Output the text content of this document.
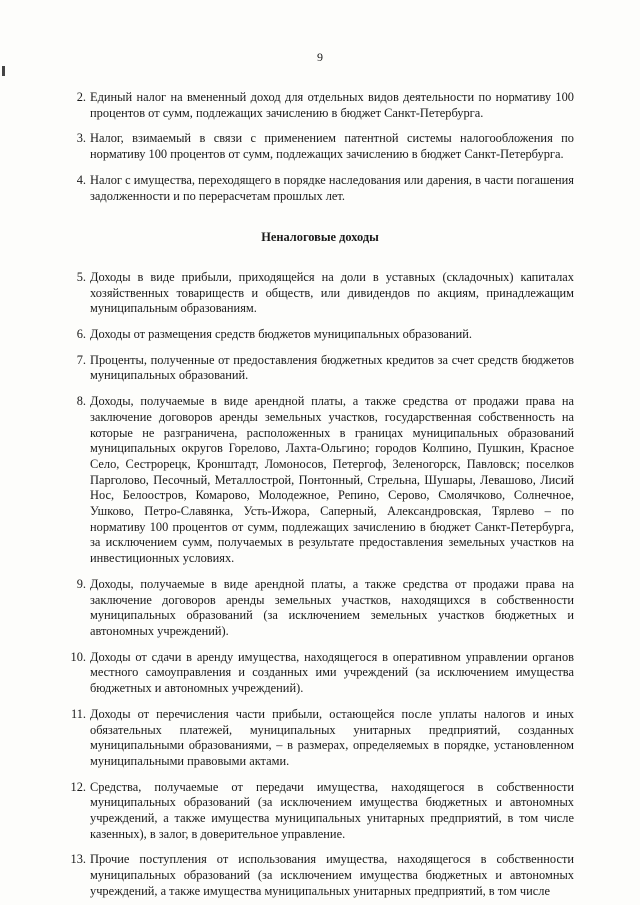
9
2. Единый налог на вмененный доход для отдельных видов деятельности по нормативу 100 процентов от сумм, подлежащих зачислению в бюджет Санкт-Петербурга.
3. Налог, взимаемый в связи с применением патентной системы налогообложения по нормативу 100 процентов от сумм, подлежащих зачислению в бюджет Санкт-Петербурга.
4. Налог с имущества, переходящего в порядке наследования или дарения, в части погашения задолженности и по перерасчетам прошлых лет.
Неналоговые доходы
5. Доходы в виде прибыли, приходящейся на доли в уставных (складочных) капиталах хозяйственных товариществ и обществ, или дивидендов по акциям, принадлежащим муниципальным образованиям.
6. Доходы от размещения средств бюджетов муниципальных образований.
7. Проценты, полученные от предоставления бюджетных кредитов за счет средств бюджетов муниципальных образований.
8. Доходы, получаемые в виде арендной платы, а также средства от продажи права на заключение договоров аренды земельных участков, государственная собственность на которые не разграничена, расположенных в границах муниципальных образований муниципальных округов Горелово, Лахта-Ольгино; городов Колпино, Пушкин, Красное Село, Сестрорецк, Кронштадт, Ломоносов, Петергоф, Зеленогорск, Павловск; поселков Парголово, Песочный, Металлострой, Понтонный, Стрельна, Шушары, Левашово, Лисий Нос, Белоостров, Комарово, Молодежное, Репино, Серово, Смолячково, Солнечное, Ушково, Петро-Славянка, Усть-Ижора, Саперный, Александровская, Тярлево – по нормативу 100 процентов от сумм, подлежащих зачислению в бюджет Санкт-Петербурга, за исключением сумм, получаемых в результате предоставления земельных участков на инвестиционных условиях.
9. Доходы, получаемые в виде арендной платы, а также средства от продажи права на заключение договоров аренды земельных участков, находящихся в собственности муниципальных образований (за исключением земельных участков бюджетных и автономных учреждений).
10. Доходы от сдачи в аренду имущества, находящегося в оперативном управлении органов местного самоуправления и созданных ими учреждений (за исключением имущества бюджетных и автономных учреждений).
11. Доходы от перечисления части прибыли, остающейся после уплаты налогов и иных обязательных платежей, муниципальных унитарных предприятий, созданных муниципальными образованиями, – в размерах, определяемых в порядке, установленном муниципальными правовыми актами.
12. Средства, получаемые от передачи имущества, находящегося в собственности муниципальных образований (за исключением имущества бюджетных и автономных учреждений, а также имущества муниципальных унитарных предприятий, в том числе казенных), в залог, в доверительное управление.
13. Прочие поступления от использования имущества, находящегося в собственности муниципальных образований (за исключением имущества бюджетных и автономных учреждений, а также имущества муниципальных унитарных предприятий, в том числе
